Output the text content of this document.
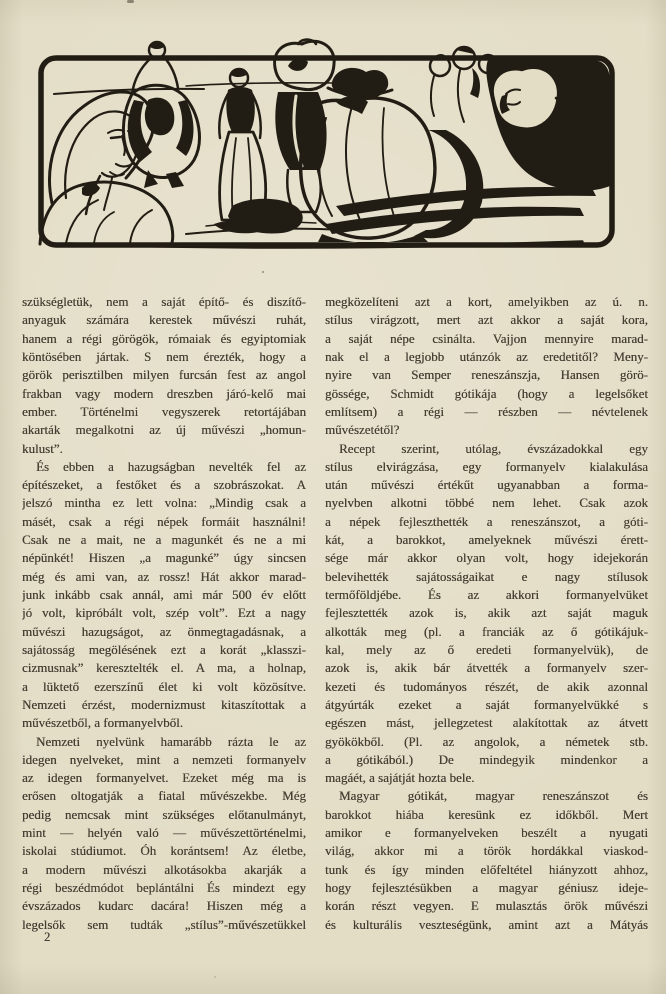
szükségletük, nem a saját építő- és diszítő-
anyaguk számára kerestek művészi ruhát,
hanem a régi görögök, rómaiak és egyiptomiak
köntösében jártak. S nem érezték, hogy a
görök perisztilben milyen furcsán fest az angol
frakban vagy modern dreszben járó-kelő mai
ember. Történelmi vegyszerek retortájában
akarták megalkotni az új művészi „homun-
kulust”.
És ebben a hazugságban nevelték fel az
építészeket, a festőket és a szobrászokat. A
jelszó mintha ez lett volna: „Mindig csak a
másét, csak a régi népek formáit használni!
Csak ne a mait, ne a magunkét és ne a mi
népünkét! Hiszen „a magunké” úgy sincsen
még és ami van, az rossz! Hát akkor marad-
junk inkább csak annál, ami már 500 év előtt
jó volt, kipróbált volt, szép volt”. Ezt a nagy
művészi hazugságot, az önmegtagadásnak, a
sajátosság megölésének ezt a korát „klasszi-
cizmusnak” keresztelték el. A ma, a holnap,
a lüktető ezerszínű élet ki volt közösítve.
Nemzeti érzést, modernizmust kitaszítottak a
művészetből, a formanyelvből.
Nemzeti nyelvünk hamarább rázta le az
idegen nyelveket, mint a nemzeti formanyelv
az idegen formanyelvet. Ezeket még ma is
erősen oltogatják a fiatal művészekbe. Még
pedig nemcsak mint szükséges előtanulmányt,
mint — helyén való — művészettörténelmi,
iskolai stúdiumot. Óh korántsem! Az életbe,
a modern művészi alkotásokba akarják a
régi beszédmódot beplántálni És mindezt egy
évszázados kudarc dacára! Hiszen még a
legelsők sem tudták „stílus”-művészetükkel
megközelíteni azt a kort, amelyikben az ú. n.
stílus virágzott, mert azt akkor a saját kora,
a saját népe csinálta. Vajjon mennyire marad-
nak el a legjobb utánzók az eredetitől? Meny-
nyire van Semper reneszánszja, Hansen görö-
gössége, Schmidt gótikája (hogy a legelsőket
említsem) a régi — részben — névtelenek
művészetétől?
Recept szerint, utólag, évszázadokkal egy
stílus elvirágzása, egy formanyelv kialakulása
után művészi értékűt ugyanabban a forma-
nyelvben alkotni többé nem lehet. Csak azok
a népek fejleszthették a reneszánszot, a góti-
kát, a barokkot, amelyeknek művészi érett-
sége már akkor olyan volt, hogy idejekorán
belevihették sajátosságaikat e nagy stílusok
termőföldjébe. És az akkori formanyelvüket
fejlesztették azok is, akik azt saját maguk
alkották meg (pl. a franciák az ő gótikájuk-
kal, mely az ő eredeti formanyelvük), de
azok is, akik bár átvették a formanyelv szer-
kezeti és tudományos részét, de akik azonnal
átgyúrták ezeket a saját formanyelvükké s
egészen mást, jellegzetest alakítottak az átvett
gyökökből. (Pl. az angolok, a németek stb.
a gótikából.) De mindegyik mindenkor a
magáét, a sajátját hozta bele.
Magyar gótikát, magyar reneszánszot és
barokkot hiába keresünk ez időkből. Mert
amikor e formanyelveken beszélt a nyugati
világ, akkor mi a török hordákkal viaskod-
tunk és így minden előfeltétel hiányzott ahhoz,
hogy fejlesztésükben a magyar géniusz ideje-
korán részt vegyen. E mulasztás örök művészi
és kulturális veszteségünk, amint azt a Mátyás
2
